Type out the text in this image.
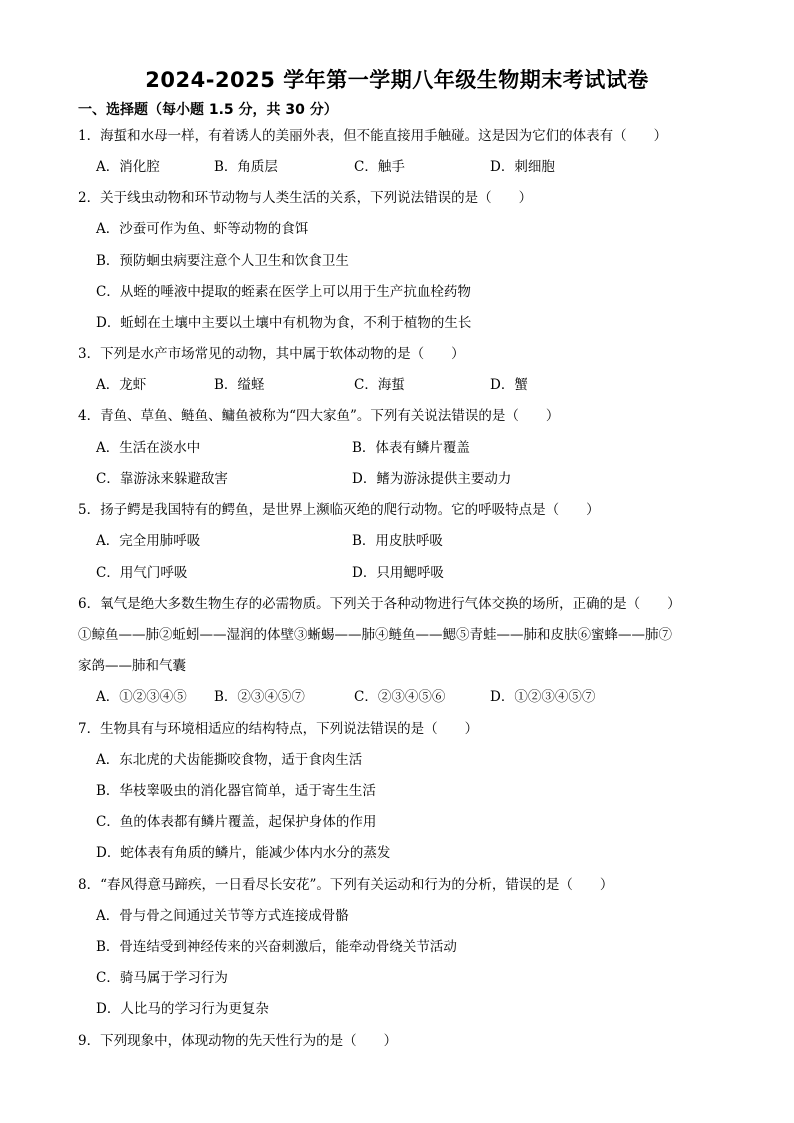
2024-2025 学年第一学期八年级生物期末考试试卷
一、选择题（每小题 1.5 分，共 30 分）
1．海蜇和水母一样，有着诱人的美丽外表，但不能直接用手触碰。这是因为它们的体表有（　　）
A．消化腔	B．角质层	C．触手	D．刺细胞
2．关于线虫动物和环节动物与人类生活的关系，下列说法错误的是（　　）
A．沙蚕可作为鱼、虾等动物的食饵
B．预防蛔虫病要注意个人卫生和饮食卫生
C．从蛭的唾液中提取的蛭素在医学上可以用于生产抗血栓药物
D．蚯蚓在土壤中主要以土壤中有机物为食，不利于植物的生长
3．下列是水产市场常见的动物，其中属于软体动物的是（　　）
A．龙虾	B．缢蛏	C．海蜇	D．蟹
4．青鱼、草鱼、鲢鱼、鳙鱼被称为“四大家鱼”。下列有关说法错误的是（　　）
A．生活在淡水中	B．体表有鳞片覆盖
C．靠游泳来躲避敌害	D．鳍为游泳提供主要动力
5．扬子鳄是我国特有的鳄鱼，是世界上濒临灭绝的爬行动物。它的呼吸特点是（　　）
A．完全用肺呼吸	B．用皮肤呼吸
C．用气门呼吸	D．只用鳃呼吸
6．氧气是绝大多数生物生存的必需物质。下列关于各种动物进行气体交换的场所，正确的是（　　）
①鲸鱼——肺②蚯蚓——湿润的体壁③蜥蜴——肺④鲢鱼——鳃⑤青蛙——肺和皮肤⑥蜜蜂——肺⑦
家鸽——肺和气囊
A．①②③④⑤ B．②③④⑤⑦	C．②③④⑤⑥	D．①②③④⑤⑦
7．生物具有与环境相适应的结构特点，下列说法错误的是（　　）
A．东北虎的犬齿能撕咬食物，适于食肉生活
B．华枝睾吸虫的消化器官简单，适于寄生生活
C．鱼的体表都有鳞片覆盖，起保护身体的作用
D．蛇体表有角质的鳞片，能减少体内水分的蒸发
8．“春风得意马蹄疾，一日看尽长安花”。下列有关运动和行为的分析，错误的是（　　）
A．骨与骨之间通过关节等方式连接成骨骼
B．骨连结受到神经传来的兴奋刺激后，能牵动骨绕关节活动
C．骑马属于学习行为
D．人比马的学习行为更复杂
9．下列现象中，体现动物的先天性行为的是（　　）
